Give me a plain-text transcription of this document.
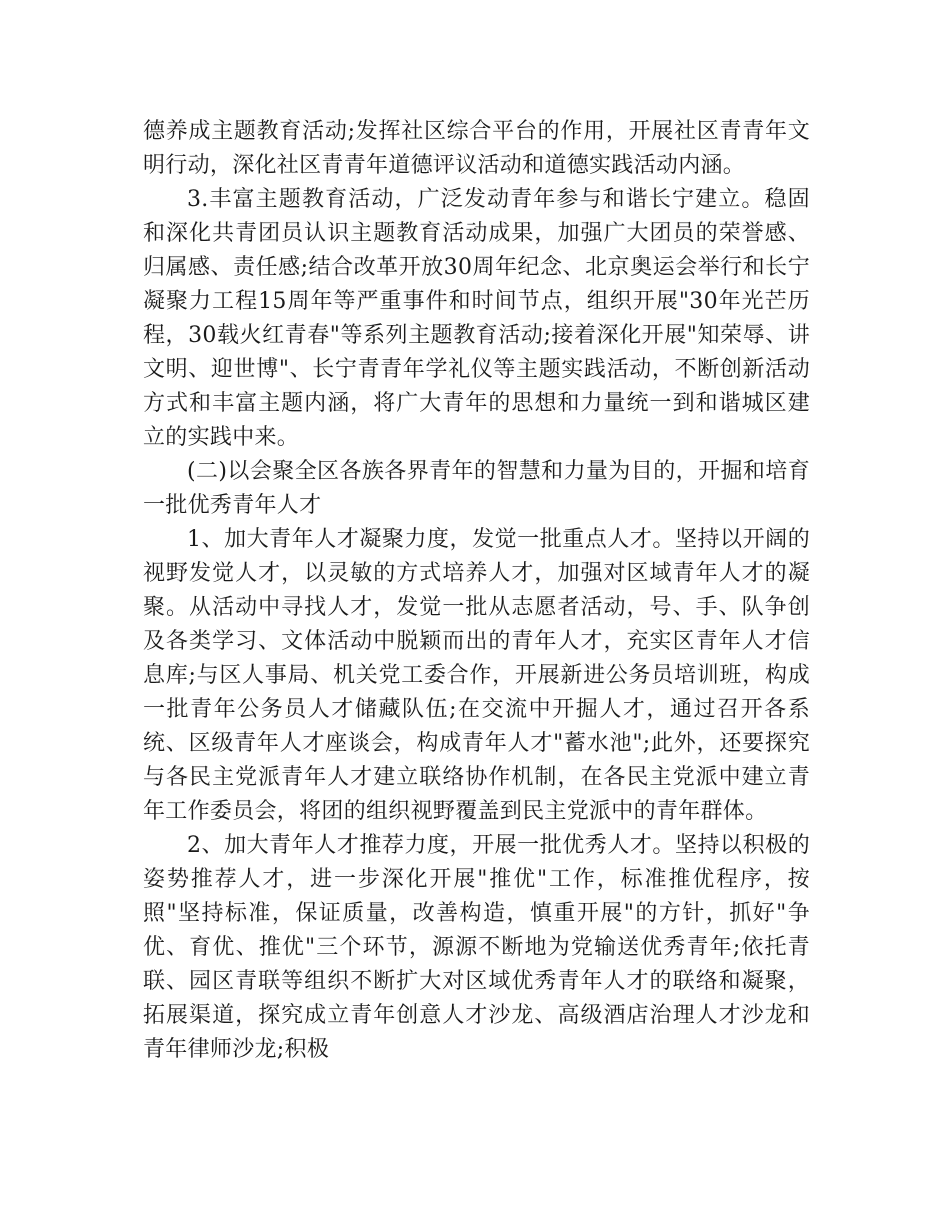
德养成主题教育活动;发挥社区综合平台的作用，开展社区青青年文明行动，深化社区青青年道德评议活动和道德实践活动内涵。

3.丰富主题教育活动，广泛发动青年参与和谐长宁建立。稳固和深化共青团员认识主题教育活动成果，加强广大团员的荣誉感、归属感、责任感;结合改革开放30周年纪念、北京奥运会举行和长宁凝聚力工程15周年等严重事件和时间节点，组织开展"30年光芒历程，30载火红青春"等系列主题教育活动;接着深化开展"知荣辱、讲文明、迎世博"、长宁青青年学礼仪等主题实践活动，不断创新活动方式和丰富主题内涵，将广大青年的思想和力量统一到和谐城区建立的实践中来。

(二)以会聚全区各族各界青年的智慧和力量为目的，开掘和培育一批优秀青年人才

1、加大青年人才凝聚力度，发觉一批重点人才。坚持以开阔的视野发觉人才，以灵敏的方式培养人才，加强对区域青年人才的凝聚。从活动中寻找人才，发觉一批从志愿者活动，号、手、队争创及各类学习、文体活动中脱颖而出的青年人才，充实区青年人才信息库;与区人事局、机关党工委合作，开展新进公务员培训班，构成一批青年公务员人才储藏队伍;在交流中开掘人才，通过召开各系统、区级青年人才座谈会，构成青年人才"蓄水池";此外，还要探究与各民主党派青年人才建立联络协作机制，在各民主党派中建立青年工作委员会，将团的组织视野覆盖到民主党派中的青年群体。

2、加大青年人才推荐力度，开展一批优秀人才。坚持以积极的姿势推荐人才，进一步深化开展"推优"工作，标准推优程序，按照"坚持标准，保证质量，改善构造，慎重开展"的方针，抓好"争优、育优、推优"三个环节，源源不断地为党输送优秀青年;依托青联、园区青联等组织不断扩大对区域优秀青年人才的联络和凝聚，拓展渠道，探究成立青年创意人才沙龙、高级酒店治理人才沙龙和青年律师沙龙;积极
